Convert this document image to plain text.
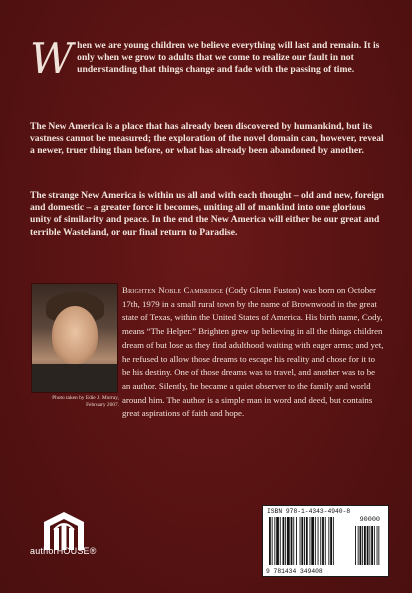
When we are young children we believe everything will last and remain. It is only when we grow to adults that we come to realize our fault in not understanding that things change and fade with the passing of time.
The New America is a place that has already been discovered by humankind, but its vastness cannot be measured; the exploration of the novel domain can, however, reveal a newer, truer thing than before, or what has already been abandoned by another.
The strange New America is within us all and with each thought – old and new, foreign and domestic – a greater force it becomes, uniting all of mankind into one glorious unity of similarity and peace. In the end the New America will either be our great and terrible Wasteland, or our final return to Paradise.
Photo taken by Edie J. Murray,
February 2007.
Brighten Noble Cambridge (Cody Glenn Fuston) was born on October 17th, 1979 in a small rural town by the name of Brownwood in the great state of Texas, within the United States of America. His birth name, Cody, means “The Helper.” Brighten grew up believing in all the things children dream of but lose as they find adulthood waiting with eager arms; and yet, he refused to allow those dreams to escape his reality and chose for it to be his destiny. One of those dreams was to travel, and another was to be an author. Silently, he became a quiet observer to the family and world around him. The author is a simple man in word and deed, but contains great aspirations of faith and hope.
authorHOUSE®
ISBN 978-1-4343-4940-8
90000
9 781434 349408
